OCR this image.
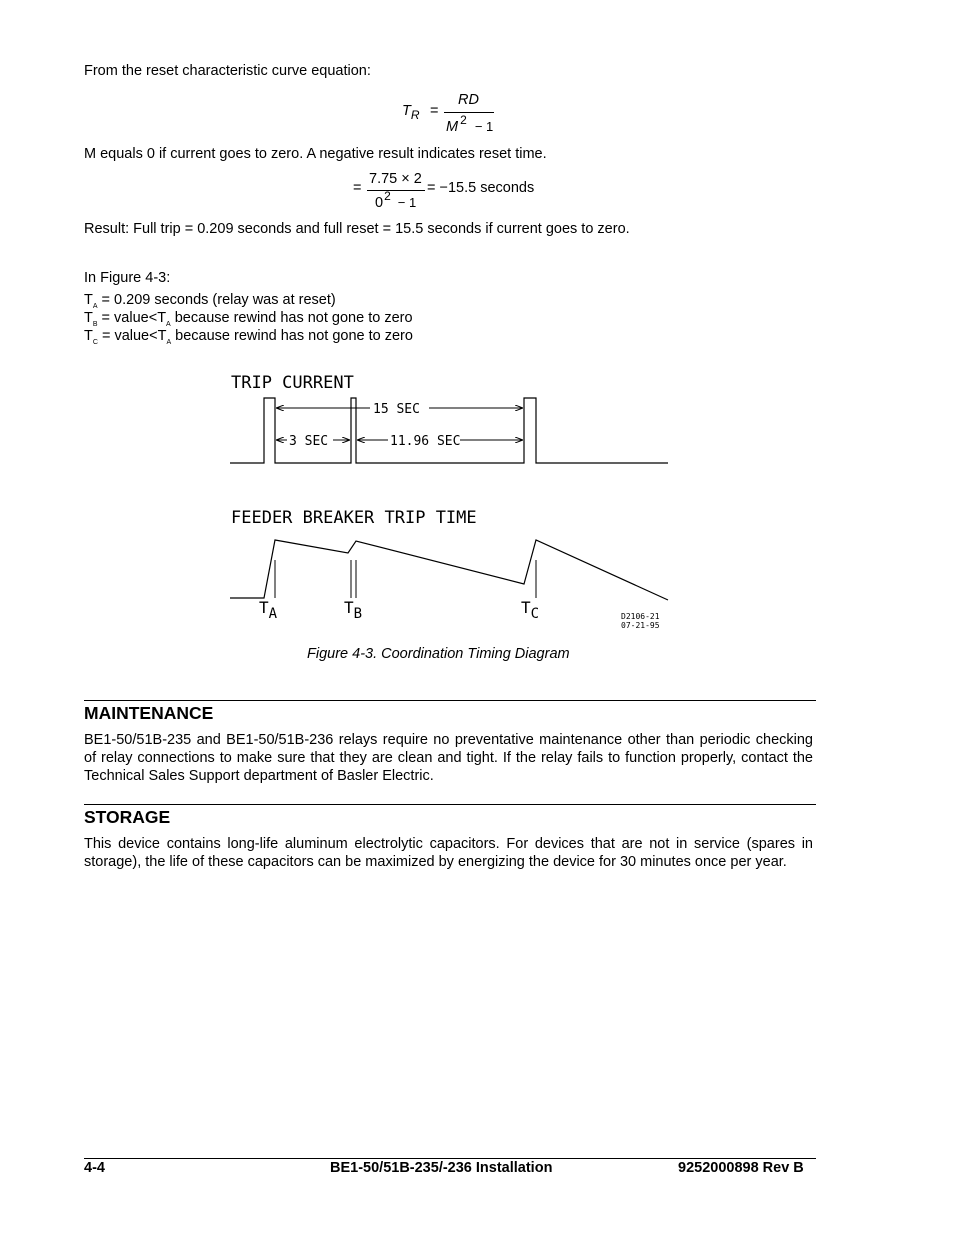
From the reset characteristic curve equation:
$T_R$ =
RD
M $^2$ − 1
M equals 0 if current goes to zero. A negative result indicates reset time.
=
7.75 × 2
$0^2 - 1$
= −15.5 seconds
Result: Full trip = 0.209 seconds and full reset = 15.5 seconds if current goes to zero.
In Figure 4-3:
$T_A = 0.209$ seconds (relay was at reset)
$T_B$ = $value<T_A$ because rewind has not gone to zero
$T_C$ = $value<T_A$ because rewind has not gone to zero
TRIP CURRENT
15 SEC
3 SEC	11.96 SEC
FEEDER BREAKER TRIP TIME
TA	TB	TC	D2106-21
07-21-95
Figure 4-3. Coordination Timing Diagram
MAINTENANCE
BE1-50/51B-235 and BE1-50/51B-236 relays require no preventative maintenance other than periodic checking of relay connections to make sure that they are clean and tight. If the relay fails to function properly, contact the Technical Sales Support department of Basler Electric.
STORAGE
This device contains long-life aluminum electrolytic capacitors. For devices that are not in service (spares in storage), the life of these capacitors can be maximized by energizing the device for 30 minutes once per year.
4-4	BE1-50/51B-235/-236 Installation	9252000898 Rev B
